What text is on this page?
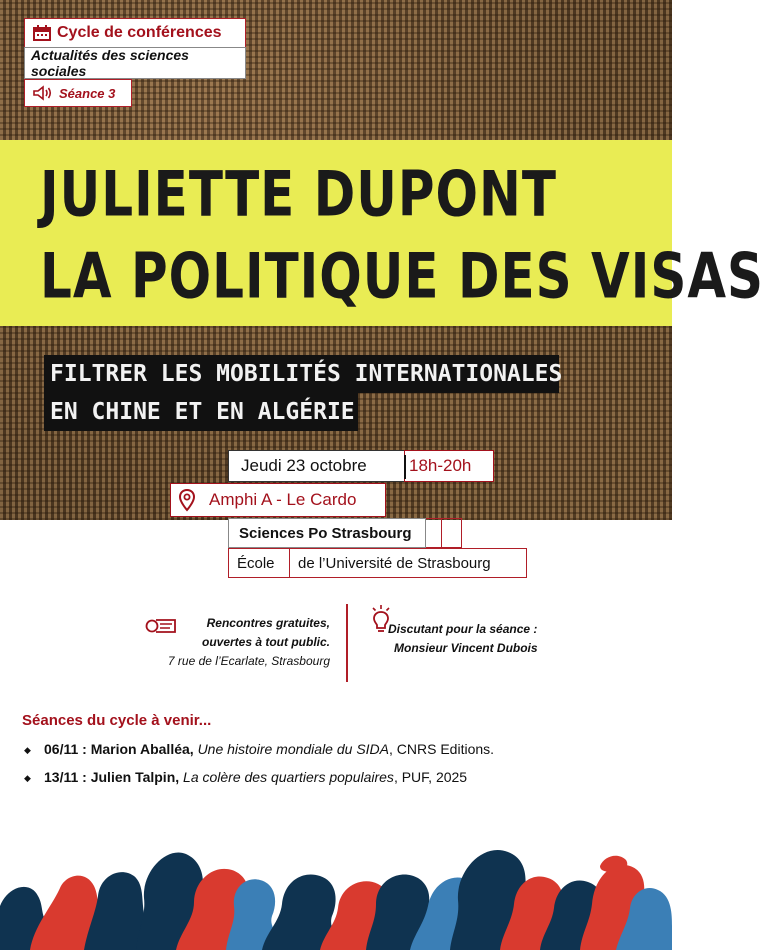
Cycle de conférences
Actualités des sciences sociales
Séance 3
JULIETTE DUPONT
LA POLITIQUE DES VISAS
FILTRER LES MOBILITÉS INTERNATIONALES
EN CHINE ET EN ALGÉRIE
Jeudi 23 octobre	18h-20h
Amphi A - Le Cardo
Sciences Po Strasbourg
École	de l’Université de Strasbourg
Rencontres gratuites,
ouvertes à tout public.
7 rue de l’Ecarlate, Strasbourg
Discutant pour la séance :
Monsieur Vincent Dubois
Séances du cycle à venir...
◆ 06/11 : Marion Aballéa, Une histoire mondiale du SIDA, CNRS Editions.
◆ 13/11 : Julien Talpin, La colère des quartiers populaires, PUF, 2025
